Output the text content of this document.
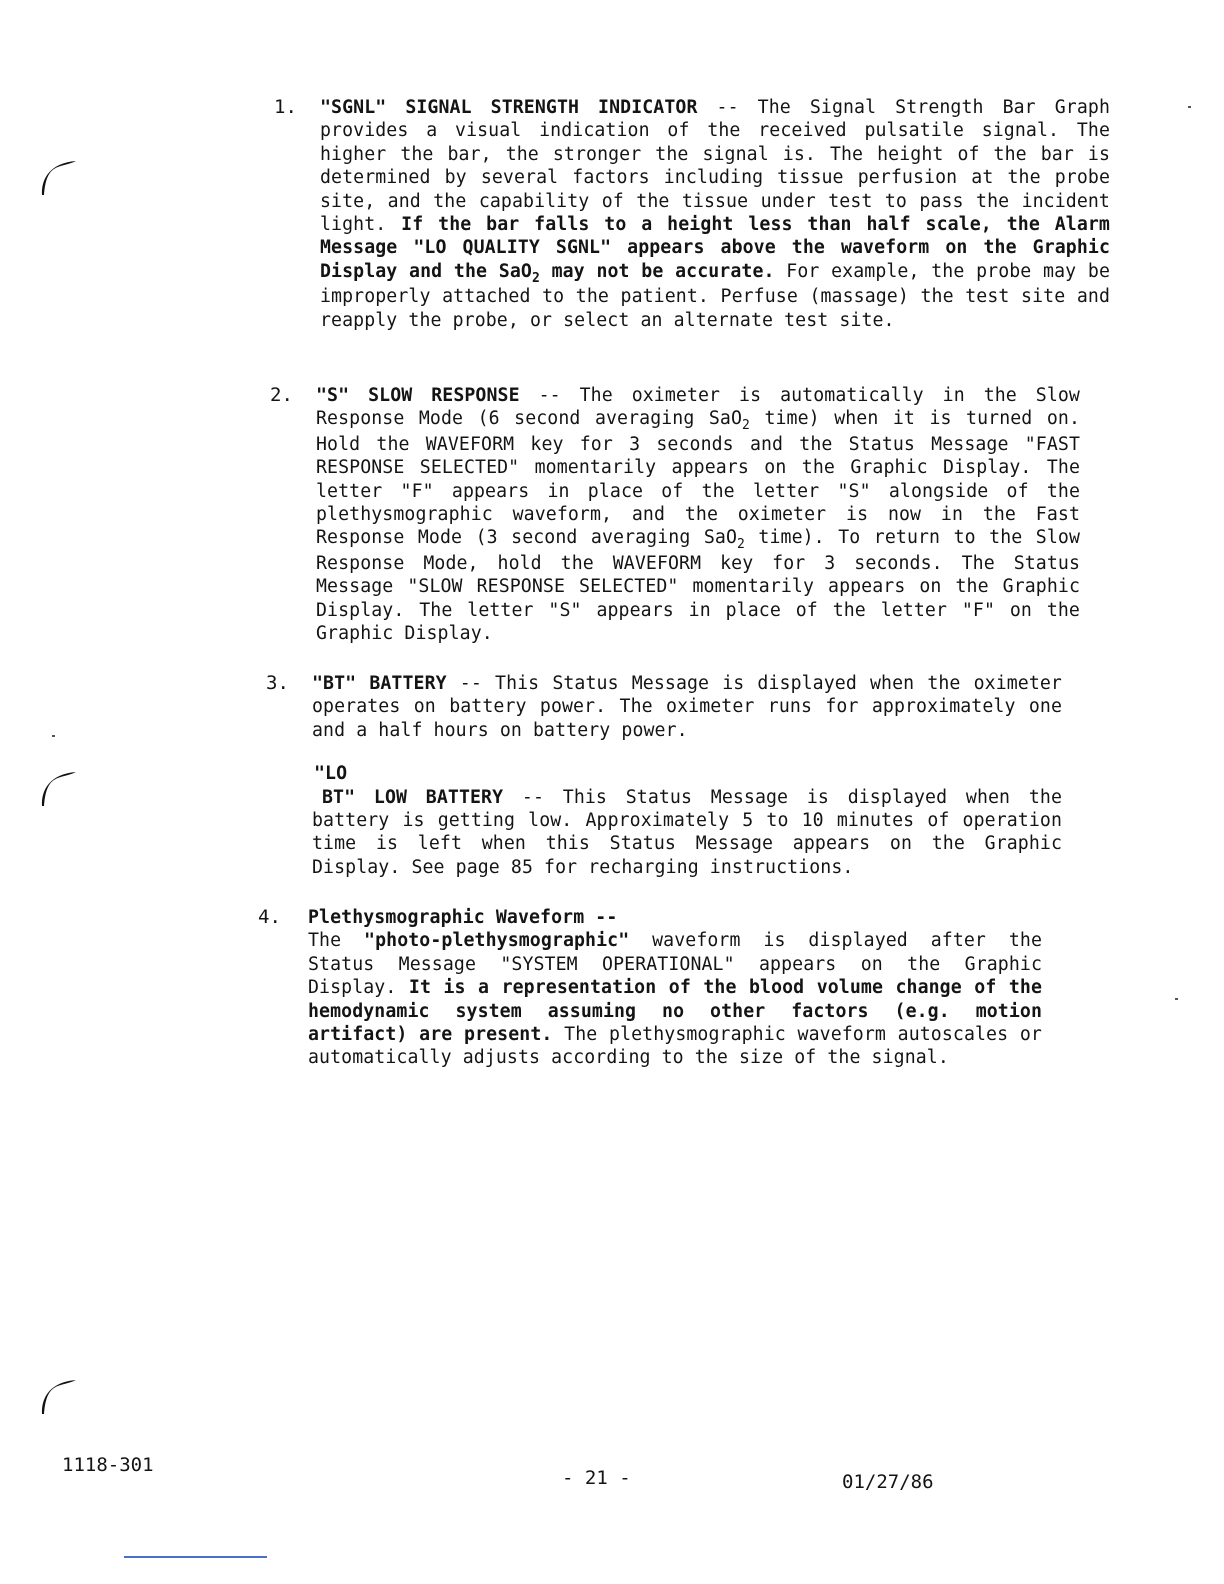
1. "SGNL" SIGNAL STRENGTH INDICATOR -- The Signal Strength Bar Graph provides a visual indication of the received pulsatile signal. The higher the bar, the stronger the signal is. The height of the bar is determined by several factors including tissue perfusion at the probe site, and the capability of the tissue under test to pass the incident light. If the bar falls to a height less than half scale, the Alarm Message "LO QUALITY SGNL" appears above the waveform on the Graphic Display and the SaO$_2$ may not be accurate. For example, the probe may be improperly attached to the patient. Perfuse (massage) the test site and reapply the probe, or select an alternate test site.

2. "S" SLOW RESPONSE -- The oximeter is automatically in the Slow Response Mode (6 second averaging SaO$_2$ time) when it is turned on. Hold the WAVEFORM key for 3 seconds and the Status Message "FAST RESPONSE SELECTED" momentarily appears on the Graphic Display. The letter "F" appears in place of the letter "S" alongside of the plethysmographic waveform, and the oximeter is now in the Fast Response Mode (3 second averaging SaO$_2$ time). To return to the Slow Response Mode, hold the WAVEFORM key for 3 seconds. The Status Message "SLOW RESPONSE SELECTED" momentarily appears on the Graphic Display. The letter "S" appears in place of the letter "F" on the Graphic Display.

3. "BT" BATTERY -- This Status Message is displayed when the oximeter operates on battery power. The oximeter runs for approximately one and a half hours on battery power.

"LO

BT" LOW BATTERY -- This Status Message is displayed when the battery is getting low. Approximately 5 to 10 minutes of operation time is left when this Status Message appears on the Graphic Display. See page 85 for recharging instructions.

4. Plethysmographic Waveform --

The "photo-plethysmographic" waveform is displayed after the Status Message "SYSTEM OPERATIONAL" appears on the Graphic Display. It is a representation of the blood volume change of the hemodynamic system assuming no other factors (e.g. motion artifact) are present. The plethysmographic waveform autoscales or automatically adjusts according to the size of the signal.

1118-301
- 21 -	01/27/86
